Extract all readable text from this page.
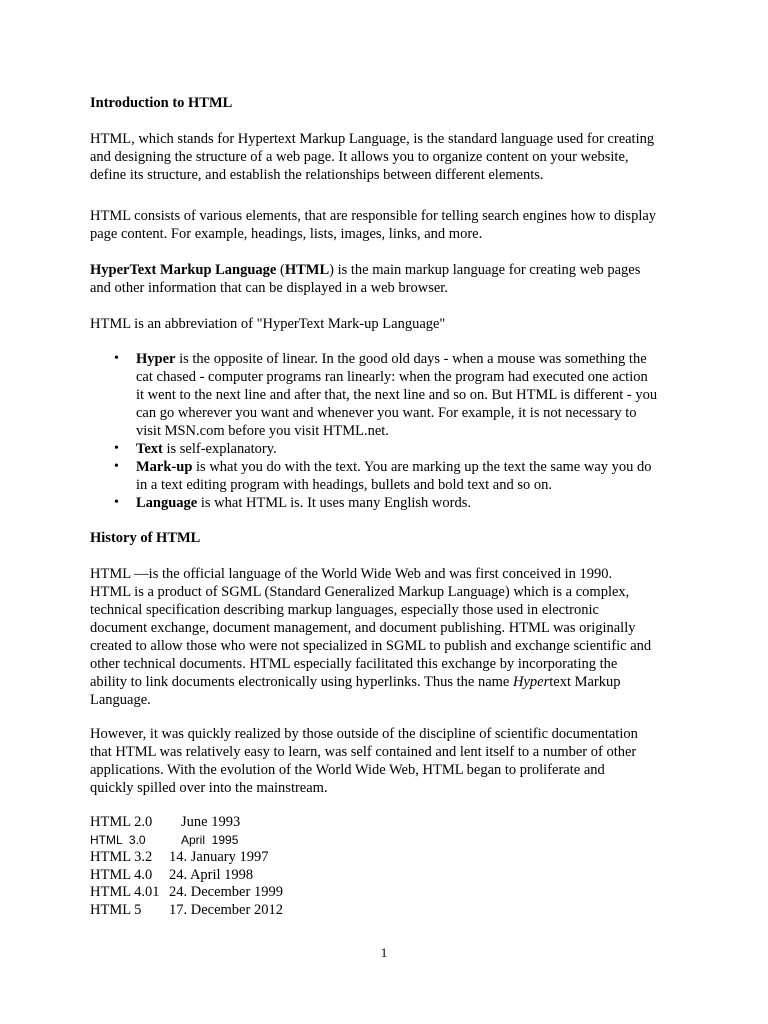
Introduction to HTML

HTML, which stands for Hypertext Markup Language, is the standard language used for creating
and designing the structure of a web page. It allows you to organize content on your website,
define its structure, and establish the relationships between different elements.

HTML consists of various elements, that are responsible for telling search engines how to display
page content. For example, headings, lists, images, links, and more.

HyperText Markup Language (HTML) is the main markup language for creating web pages
and other information that can be displayed in a web browser.

HTML is an abbreviation of "HyperText Mark-up Language"

• Hyper is the opposite of linear. In the good old days - when a mouse was something the
cat chased - computer programs ran linearly: when the program had executed one action
it went to the next line and after that, the next line and so on. But HTML is different - you
can go wherever you want and whenever you want. For example, it is not necessary to
visit MSN.com before you visit HTML.net.
• Text is self-explanatory.
• Mark-up is what you do with the text. You are marking up the text the same way you do
in a text editing program with headings, bullets and bold text and so on.
• Language is what HTML is. It uses many English words.

History of HTML

HTML —is the official language of the World Wide Web and was first conceived in 1990.
HTML is a product of SGML (Standard Generalized Markup Language) which is a complex,
technical specification describing markup languages, especially those used in electronic
document exchange, document management, and document publishing. HTML was originally
created to allow those who were not specialized in SGML to publish and exchange scientific and
other technical documents. HTML especially facilitated this exchange by incorporating the
ability to link documents electronically using hyperlinks. Thus the name Hypertext Markup
Language.

However, it was quickly realized by those outside of the discipline of scientific documentation
that HTML was relatively easy to learn, was self contained and lent itself to a number of other
applications. With the evolution of the World Wide Web, HTML began to proliferate and
quickly spilled over into the mainstream.

HTML 2.0 June 1993
HTML  3.0	April  1995
HTML 3.2 14. January 1997
HTML 4.0 24. April 1998
HTML 4.01 24. December 1999
HTML 5 17. December 2012
1
